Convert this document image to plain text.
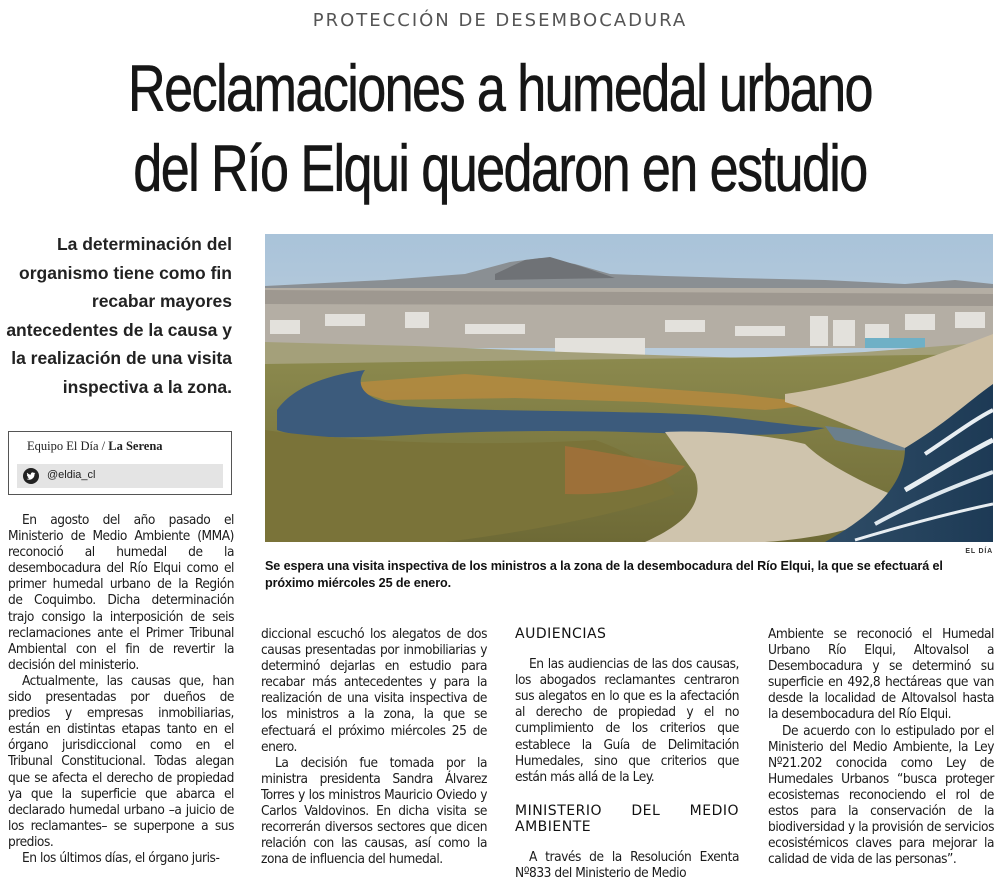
PROTECCIÓN DE DESEMBOCADURA
Reclamaciones a humedal urbano
del Río Elqui quedaron en estudio
La determinación del organismo tiene como fin recabar mayores antecedentes de la causa y la realización de una visita inspectiva a la zona.
Equipo El Día / La Serena
@eldia_cl
EL DÍA
Se espera una visita inspectiva de los ministros a la zona de la desembocadura del Río Elqui, la que se efectuará el próximo miércoles 25 de enero.

En agosto del año pasado el Ministerio de Medio Ambiente (MMA) reconoció al humedal de la desembocadura del Río Elqui como el primer humedal urbano de la Región de Coquimbo. Dicha determinación trajo consigo la interposición de seis reclamaciones ante el Primer Tribunal Ambiental con el fin de revertir la decisión del ministerio.

Actualmente, las causas que, han sido presentadas por dueños de predios y empresas inmobiliarias, están en distintas etapas tanto en el órgano jurisdiccional como en el Tribunal Constitucional. Todas alegan que se afecta el derecho de propiedad ya que la superficie que abarca el declarado humedal urbano –a juicio de los reclamantes– se superpone a sus predios.

En los últimos días, el órgano juris-

diccional escuchó los alegatos de dos causas presentadas por inmobiliarias y determinó dejarlas en estudio para recabar más antecedentes y para la realización de una visita inspectiva de los ministros a la zona, la que se efectuará el próximo miércoles 25 de enero.

La decisión fue tomada por la ministra presidenta Sandra Álvarez Torres y los ministros Mauricio Oviedo y Carlos Valdovinos. En dicha visita se recorrerán diversos sectores que dicen relación con las causas, así como la zona de influencia del humedal.

AUDIENCIAS

En las audiencias de las dos causas, los abogados reclamantes centraron sus alegatos en lo que es la afectación al derecho de propiedad y el no cumplimiento de los criterios que establece la Guía de Delimitación Humedales, sino que criterios que están más allá de la Ley.

MINISTERIO DEL MEDIO AMBIENTE

A través de la Resolución Exenta Nº833 del Ministerio de Medio

Ambiente se reconoció el Humedal Urbano Río Elqui, Altovalsol a Desembocadura y se determinó su superficie en 492,8 hectáreas que van desde la localidad de Altovalsol hasta la desembocadura del Río Elqui.

De acuerdo con lo estipulado por el Ministerio del Medio Ambiente, la Ley Nº21.202 conocida como Ley de Humedales Urbanos “busca proteger ecosistemas reconociendo el rol de estos para la conservación de la biodiversidad y la provisión de servicios ecosistémicos claves para mejorar la calidad de vida de las personas”.
